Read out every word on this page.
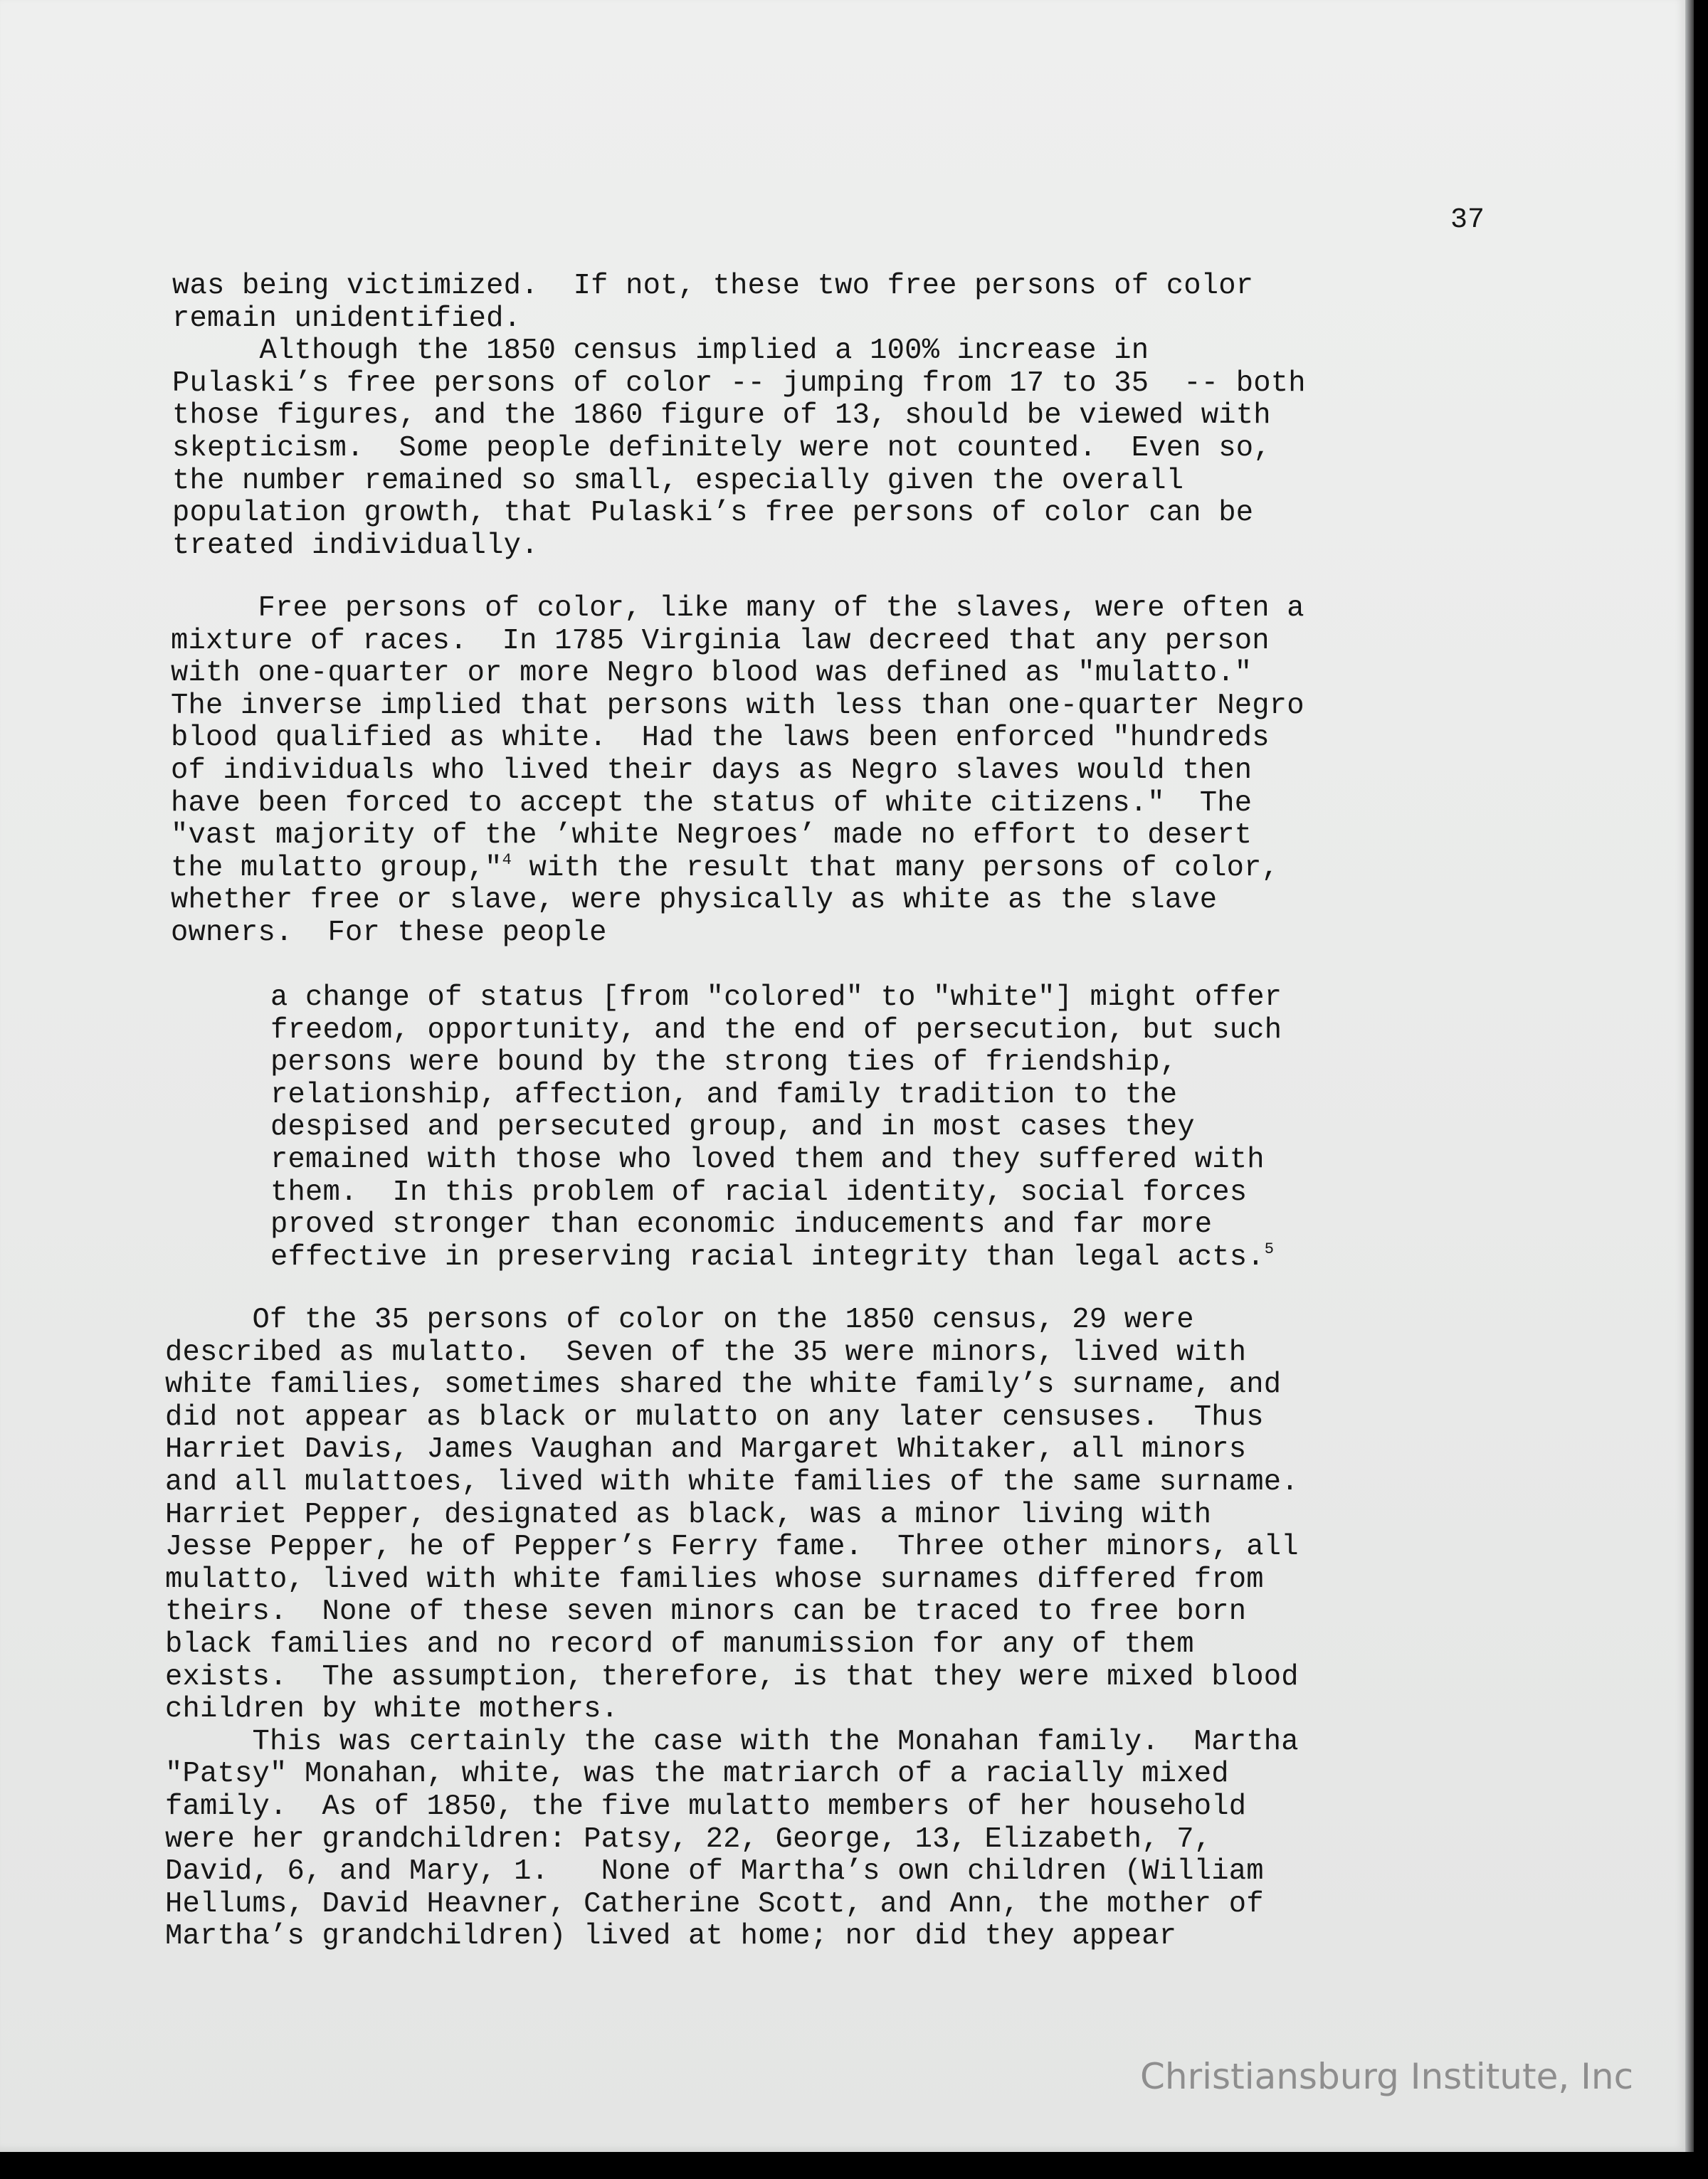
37

was being victimized.  If not, these two free persons of color
remain unidentified.
Although the 1850 census implied a 100% increase in
Pulaski’s free persons of color -- jumping from 17 to 35  -- both
those figures, and the 1860 figure of 13, should be viewed with
skepticism.  Some people definitely were not counted.  Even so,
the number remained so small, especially given the overall
population growth, that Pulaski’s free persons of color can be
treated individually.

Free persons of color, like many of the slaves, were often a
mixture of races.  In 1785 Virginia law decreed that any person
with one-quarter or more Negro blood was defined as "mulatto."
The inverse implied that persons with less than one-quarter Negro
blood qualified as white.  Had the laws been enforced "hundreds
of individuals who lived their days as Negro slaves would then
have been forced to accept the status of white citizens."  The
"vast majority of the ’white Negroes’ made no effort to desert
the mulatto group,"$^4$ with the result that many persons of color,
whether free or slave, were physically as white as the slave
owners.  For these people

a change of status [from "colored" to "white"] might offer
freedom, opportunity, and the end of persecution, but such
persons were bound by the strong ties of friendship,
relationship, affection, and family tradition to the
despised and persecuted group, and in most cases they
remained with those who loved them and they suffered with
them.  In this problem of racial identity, social forces
proved stronger than economic inducements and far more
effective in preserving racial integrity than legal acts.$^5$

Of the 35 persons of color on the 1850 census, 29 were
described as mulatto.  Seven of the 35 were minors, lived with
white families, sometimes shared the white family’s surname, and
did not appear as black or mulatto on any later censuses.  Thus
Harriet Davis, James Vaughan and Margaret Whitaker, all minors
and all mulattoes, lived with white families of the same surname.
Harriet Pepper, designated as black, was a minor living with
Jesse Pepper, he of Pepper’s Ferry fame.  Three other minors, all
mulatto, lived with white families whose surnames differed from
theirs.  None of these seven minors can be traced to free born
black families and no record of manumission for any of them
exists.  The assumption, therefore, is that they were mixed blood
children by white mothers.
This was certainly the case with the Monahan family.  Martha
"Patsy" Monahan, white, was the matriarch of a racially mixed
family.  As of 1850, the five mulatto members of her household
were her grandchildren: Patsy, 22, George, 13, Elizabeth, 7,
David, 6, and Mary, 1.   None of Martha’s own children (William
Hellums, David Heavner, Catherine Scott, and Ann, the mother of
Martha’s grandchildren) lived at home; nor did they appear

Christiansburg Institute, Inc
